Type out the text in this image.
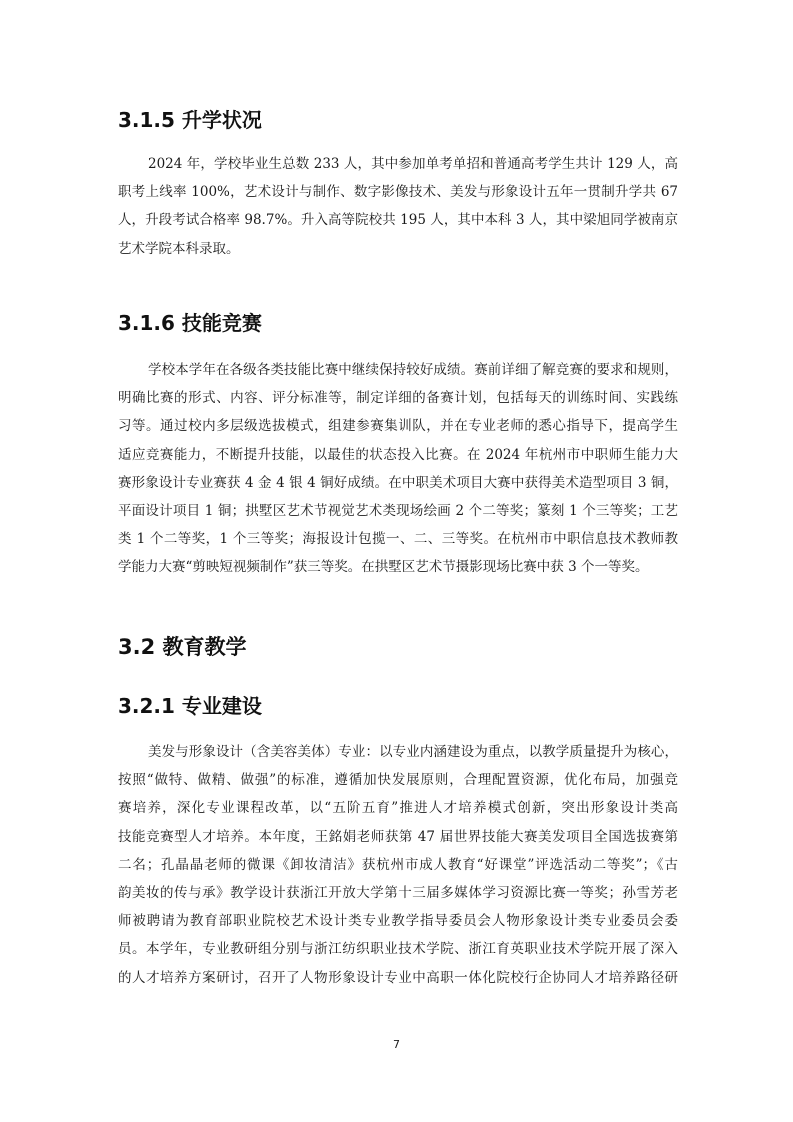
3.1.5 升学状况
2024 年，学校毕业生总数 233 人，其中参加单考单招和普通高考学生共计 129 人，高
职考上线率 100%，艺术设计与制作、数字影像技术、美发与形象设计五年一贯制升学共 67
人，升段考试合格率 98.7%。升入高等院校共 195 人，其中本科 3 人，其中梁旭同学被南京
艺术学院本科录取。
3.1.6 技能竞赛
学校本学年在各级各类技能比赛中继续保持较好成绩。赛前详细了解竞赛的要求和规则，
明确比赛的形式、内容、评分标准等，制定详细的备赛计划，包括每天的训练时间、实践练
习等。通过校内多层级选拔模式，组建参赛集训队，并在专业老师的悉心指导下，提高学生
适应竞赛能力，不断提升技能，以最佳的状态投入比赛。在 2024 年杭州市中职师生能力大
赛形象设计专业赛获 4 金 4 银 4 铜好成绩。在中职美术项目大赛中获得美术造型项目 3 铜，
平面设计项目 1 铜；拱墅区艺术节视觉艺术类现场绘画 2 个二等奖；篆刻 1 个三等奖；工艺
类 1 个二等奖，1 个三等奖；海报设计包揽一、二、三等奖。在杭州市中职信息技术教师教
学能力大赛“剪映短视频制作”获三等奖。在拱墅区艺术节摄影现场比赛中获 3 个一等奖。
3.2 教育教学
3.2.1 专业建设
美发与形象设计（含美容美体）专业：以专业内涵建设为重点，以教学质量提升为核心，
按照“做特、做精、做强”的标准，遵循加快发展原则，合理配置资源，优化布局，加强竞
赛培养，深化专业课程改革，以“五阶五育”推进人才培养模式创新，突出形象设计类高
技能竞赛型人才培养。本年度，王銘娟老师获第 47 届世界技能大赛美发项目全国选拔赛第
二名；孔晶晶老师的微课《卸妆清洁》获杭州市成人教育“好课堂”评选活动二等奖”；《古
韵美妆的传与承》教学设计获浙江开放大学第十三届多媒体学习资源比赛一等奖；孙雪芳老
师被聘请为教育部职业院校艺术设计类专业教学指导委员会人物形象设计类专业委员会委
员。本学年，专业教研组分别与浙江纺织职业技术学院、浙江育英职业技术学院开展了深入
的人才培养方案研讨，召开了人物形象设计专业中高职一体化院校行企协同人才培养路径研
7
